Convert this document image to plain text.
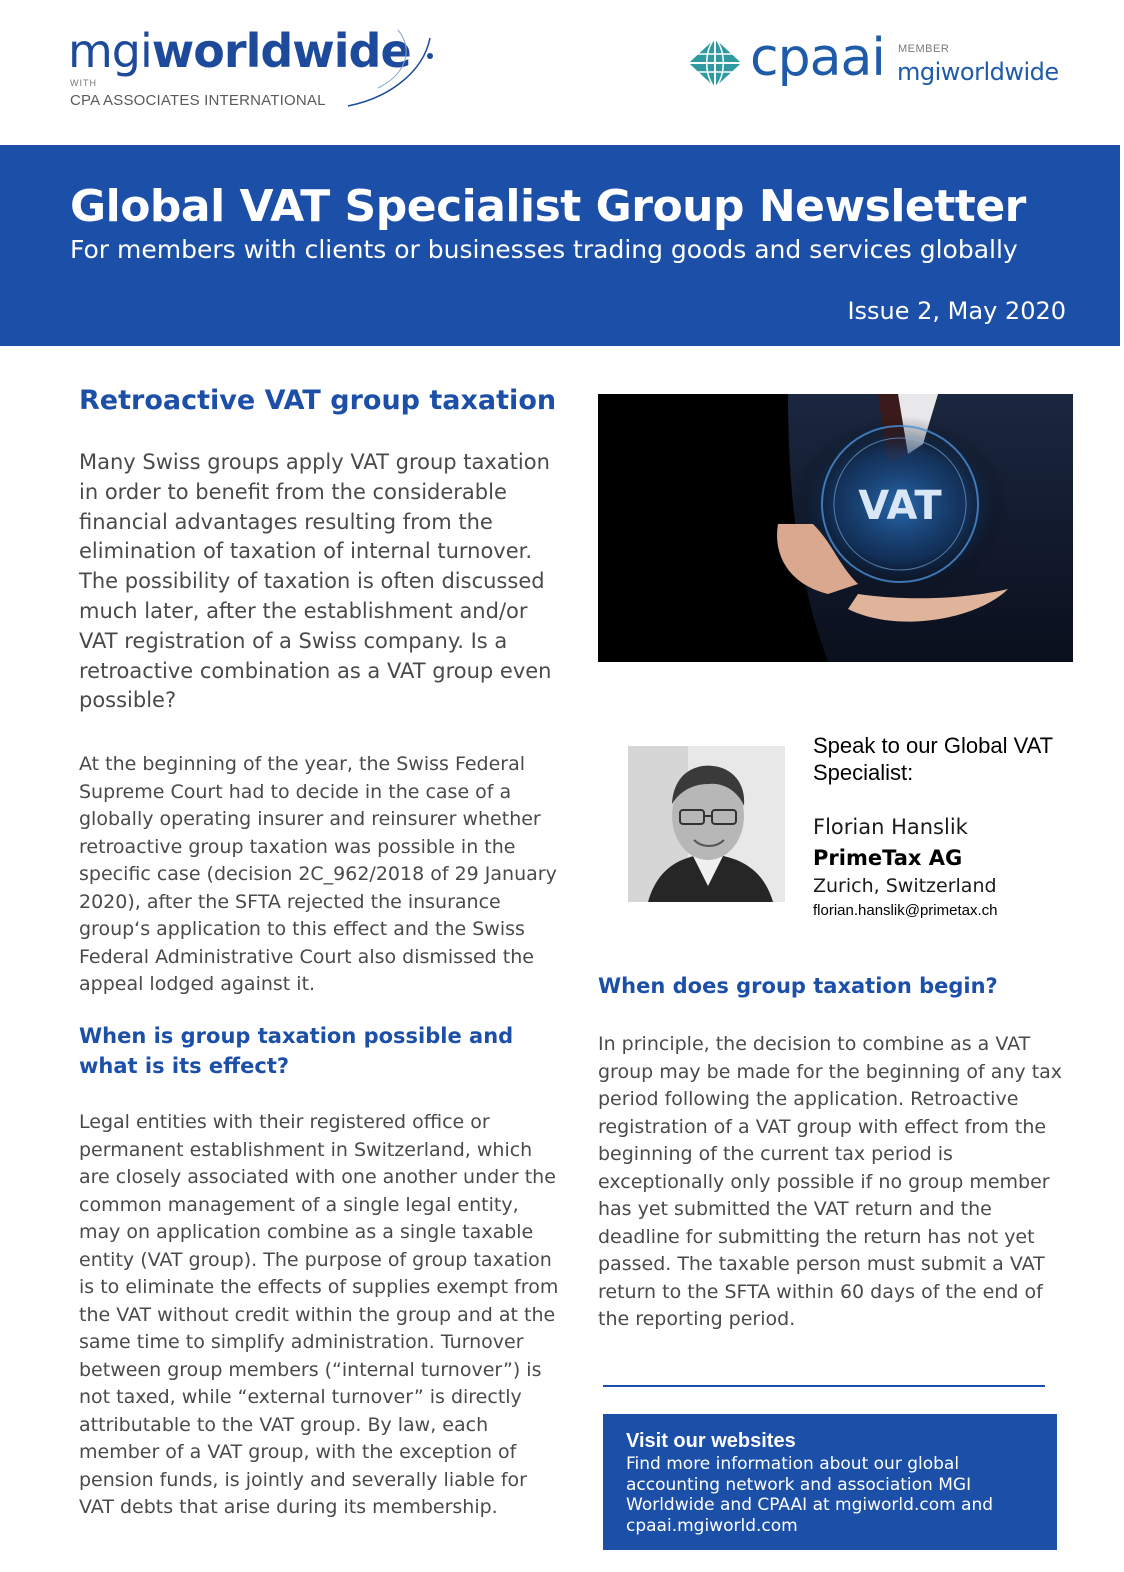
mgiworldwide
WITH
CPA ASSOCIATES INTERNATIONAL
cpaai MEMBER
mgiworldwide
Global VAT Specialist Group Newsletter
For members with clients or businesses trading goods and services globally
Issue 2, May 2020
Retroactive VAT group taxation
Many Swiss groups apply VAT group taxation in order to benefit from the considerable financial advantages resulting from the elimination of taxation of internal turnover. The possibility of taxation is often discussed much later, after the establishment and/or VAT registration of a Swiss company. Is a retroactive combination as a VAT group even possible?
At the beginning of the year, the Swiss Federal Supreme Court had to decide in the case of a globally operating insurer and reinsurer whether retroactive group taxation was possible in the specific case (decision 2C_962/2018 of 29 January 2020), after the SFTA rejected the insurance group‘s application to this effect and the Swiss Federal Administrative Court also dismissed the appeal lodged against it.
When is group taxation possible and what is its effect?
Legal entities with their registered office or permanent establishment in Switzerland, which are closely associated with one another under the common management of a single legal entity, may on application combine as a single taxable entity (VAT group). The purpose of group taxation is to eliminate the effects of supplies exempt from the VAT without credit within the group and at the same time to simplify administration. Turnover between group members (“internal turnover”) is not taxed, while “external turnover” is directly attributable to the VAT group. By law, each member of a VAT group, with the exception of pension funds, is jointly and severally liable for VAT debts that arise during its membership.
VAT
Speak to our Global VAT Specialist:
Florian Hanslik
PrimeTax AG
Zurich, Switzerland
florian.hanslik@primetax.ch
When does group taxation begin?
In principle, the decision to combine as a VAT group may be made for the beginning of any tax period following the application. Retroactive registration of a VAT group with effect from the beginning of the current tax period is exceptionally only possible if no group member has yet submitted the VAT return and the deadline for submitting the return has not yet passed. The taxable person must submit a VAT return to the SFTA within 60 days of the end of the reporting period.
Visit our websites
Find more information about our global accounting network and association MGI Worldwide and CPAAI at mgiworld.com and cpaai.mgiworld.com
